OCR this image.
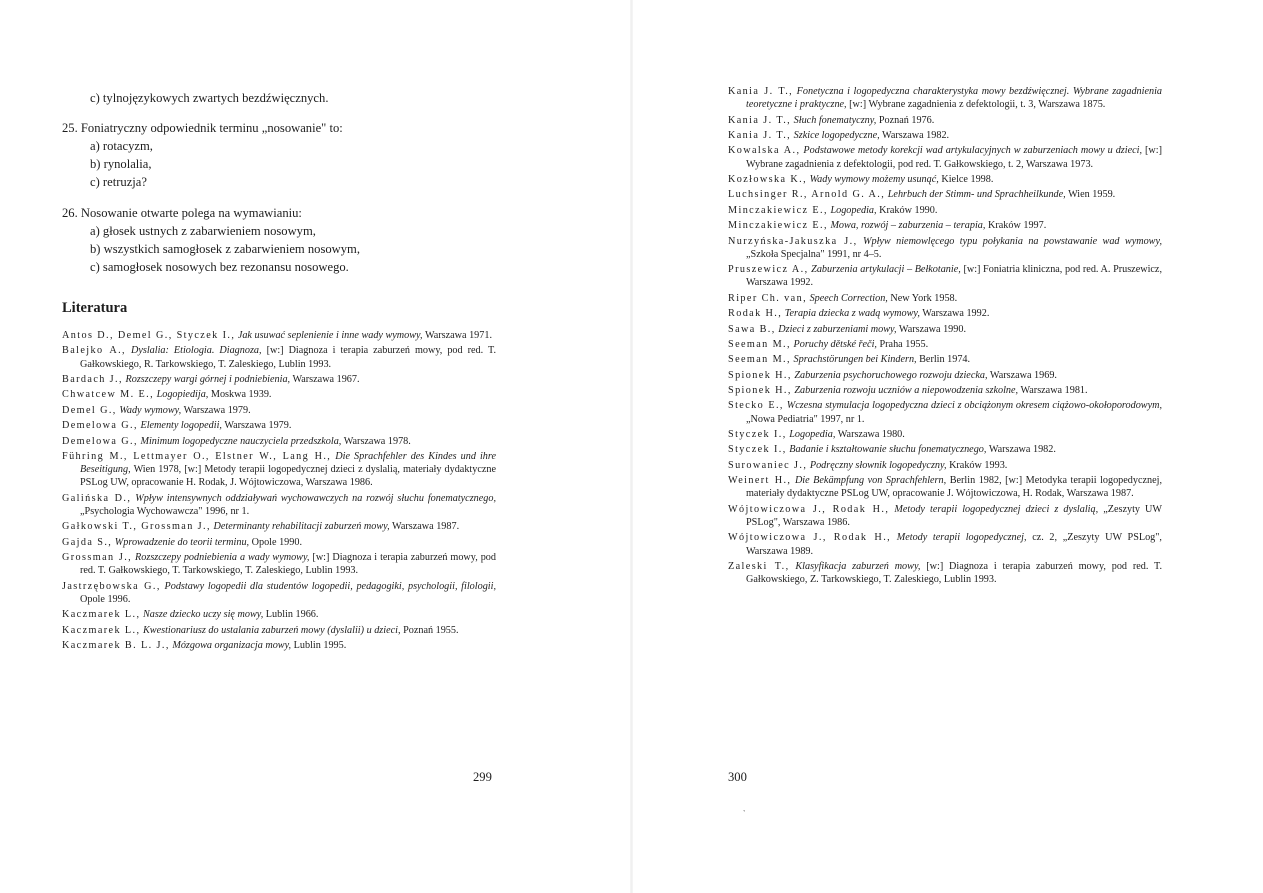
c) tylnojęzykowych zwartych bezdźwięcznych.
25. Foniatryczny odpowiednik terminu „nosowanie" to:
a) rotacyzm,
b) rynolalia,
c) retruzja?
26. Nosowanie otwarte polega na wymawianiu:
a) głosek ustnych z zabarwieniem nosowym,
b) wszystkich samogłosek z zabarwieniem nosowym,
c) samogłosek nosowych bez rezonansu nosowego.
Literatura
Antos D., Demel G., Styczek I., Jak usuwać seplenienie i inne wady wymowy, Warszawa 1971.
Balejko A., Dyslalia: Etiologia. Diagnoza, [w:] Diagnoza i terapia zaburzeń mowy, pod red. T. Gałkowskiego, R. Tarkowskiego, T. Zaleskiego, Lublin 1993.
Bardach J., Rozszczepy wargi górnej i podniebienia, Warszawa 1967.
Chwatcew M. E., Logopiedija, Moskwa 1939.
Demel G., Wady wymowy, Warszawa 1979.
Demelowa G., Elementy logopedii, Warszawa 1979.
Demelowa G., Minimum logopedyczne nauczyciela przedszkola, Warszawa 1978.
Führing M., Lettmayer O., Elstner W., Lang H., Die Sprachfehler des Kindes und ihre Beseitigung, Wien 1978, [w:] Metody terapii logopedycznej dzieci z dyslalią, materiały dydaktyczne PSLog UW, opracowanie H. Rodak, J. Wójtowiczowa, Warszawa 1986.
Galińska D., Wpływ intensywnych oddziaływań wychowawczych na rozwój słuchu fonematycznego, „Psychologia Wychowawcza" 1996, nr 1.
Gałkowski T., Grossman J., Determinanty rehabilitacji zaburzeń mowy, Warszawa 1987.
Gajda S., Wprowadzenie do teorii terminu, Opole 1990.
Grossman J., Rozszczepy podniebienia a wady wymowy, [w:] Diagnoza i terapia zaburzeń mowy, pod red. T. Gałkowskiego, T. Tarkowskiego, T. Zaleskiego, Lublin 1993.
Jastrzębowska G., Podstawy logopedii dla studentów logopedii, pedagogiki, psychologii, filologii, Opole 1996.
Kaczmarek L., Nasze dziecko uczy się mowy, Lublin 1966.
Kaczmarek L., Kwestionariusz do ustalania zaburzeń mowy (dyslalii) u dzieci, Poznań 1955.
Kaczmarek B. L. J., Mózgowa organizacja mowy, Lublin 1995.
299
Kania J. T., Fonetyczna i logopedyczna charakterystyka mowy bezdźwięcznej. Wybrane zagadnienia teoretyczne i praktyczne, [w:] Wybrane zagadnienia z defektologii, t. 3, Warszawa 1875.
Kania J. T., Słuch fonematyczny, Poznań 1976.
Kania J. T., Szkice logopedyczne, Warszawa 1982.
Kowalska A., Podstawowe metody korekcji wad artykulacyjnych w zaburzeniach mowy u dzieci, [w:] Wybrane zagadnienia z defektologii, pod red. T. Gałkowskiego, t. 2, Warszawa 1973.
Kozłowska K., Wady wymowy możemy usunąć, Kielce 1998.
Luchsinger R., Arnold G. A., Lehrbuch der Stimm- und Sprachheilkunde, Wien 1959.
Minczakiewicz E., Logopedia, Kraków 1990.
Minczakiewicz E., Mowa, rozwój – zaburzenia – terapia, Kraków 1997.
Nurzyńska-Jakuszka J., Wpływ niemowlęcego typu połykania na powstawanie wad wymowy, „Szkoła Specjalna" 1991, nr 4–5.
Pruszewicz A., Zaburzenia artykulacji – Bełkotanie, [w:] Foniatria kliniczna, pod red. A. Pruszewicz, Warszawa 1992.
Riper Ch. van, Speech Correction, New York 1958.
Rodak H., Terapia dziecka z wadą wymowy, Warszawa 1992.
Sawa B., Dzieci z zaburzeniami mowy, Warszawa 1990.
Seeman M., Poruchy dětské řeči, Praha 1955.
Seeman M., Sprachstörungen bei Kindern, Berlin 1974.
Spionek H., Zaburzenia psychoruchowego rozwoju dziecka, Warszawa 1969.
Spionek H., Zaburzenia rozwoju uczniów a niepowodzenia szkolne, Warszawa 1981.
Stecko E., Wczesna stymulacja logopedyczna dzieci z obciążonym okresem ciążowo-okołoporodowym, „Nowa Pediatria" 1997, nr 1.
Styczek I., Logopedia, Warszawa 1980.
Styczek I., Badanie i kształtowanie słuchu fonematycznego, Warszawa 1982.
Surowaniec J., Podręczny słownik logopedyczny, Kraków 1993.
Weinert H., Die Bekämpfung von Sprachfehlern, Berlin 1982, [w:] Metodyka terapii logopedycznej, materiały dydaktyczne PSLog UW, opracowanie J. Wójtowiczowa, H. Rodak, Warszawa 1987.
Wójtowiczowa J., Rodak H., Metody terapii logopedycznej dzieci z dyslalią, „Zeszyty UW PSLog", Warszawa 1986.
Wójtowiczowa J., Rodak H., Metody terapii logopedycznej, cz. 2, „Zeszyty UW PSLog", Warszawa 1989.
Zaleski T., Klasyfikacja zaburzeń mowy, [w:] Diagnoza i terapia zaburzeń mowy, pod red. T. Gałkowskiego, Z. Tarkowskiego, T. Zaleskiego, Lublin 1993.
300
‚
